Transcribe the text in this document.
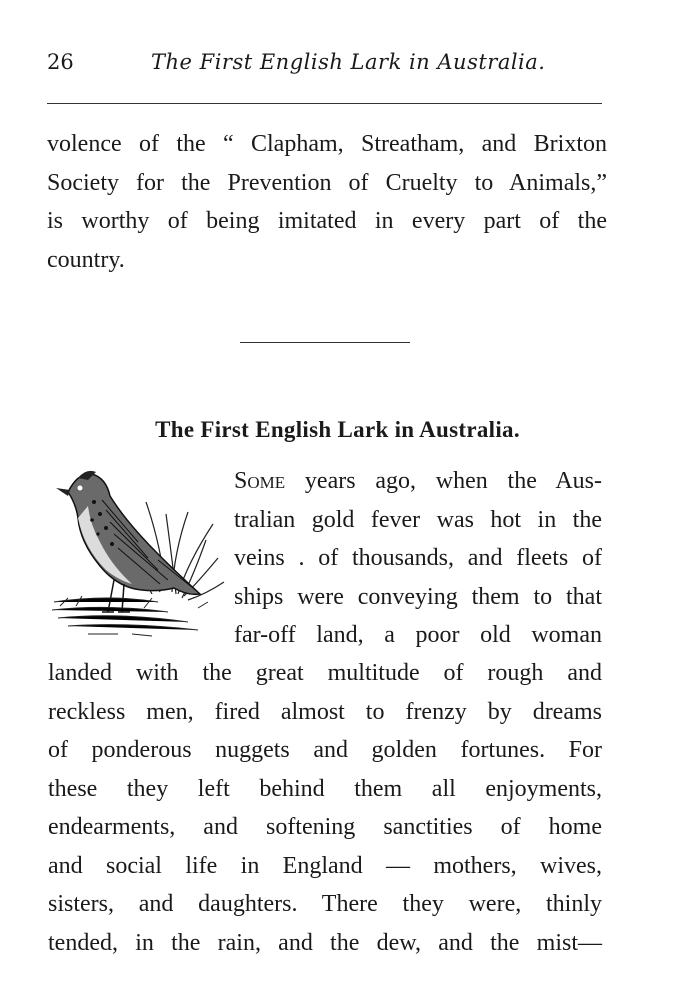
26	The First English Lark in Australia.
volence of the “ Clapham, Streatham, and Brixton
Society for the Prevention of Cruelty to Animals,”
is worthy of being imitated in every part of the
country.
The First English Lark in Australia.
Some years ago, when the Aus-
tralian gold fever was hot in the
veins . of thousands, and fleets of
ships were conveying them to that
far-off land, a poor old woman
landed with the great multitude of rough and
reckless men, fired almost to frenzy by dreams
of ponderous nuggets and golden fortunes. For
these they left behind them all enjoyments,
endearments, and softening sanctities of home
and social life in England — mothers, wives,
sisters, and daughters. There they were, thinly
tended, in the rain, and the dew, and the mist—
